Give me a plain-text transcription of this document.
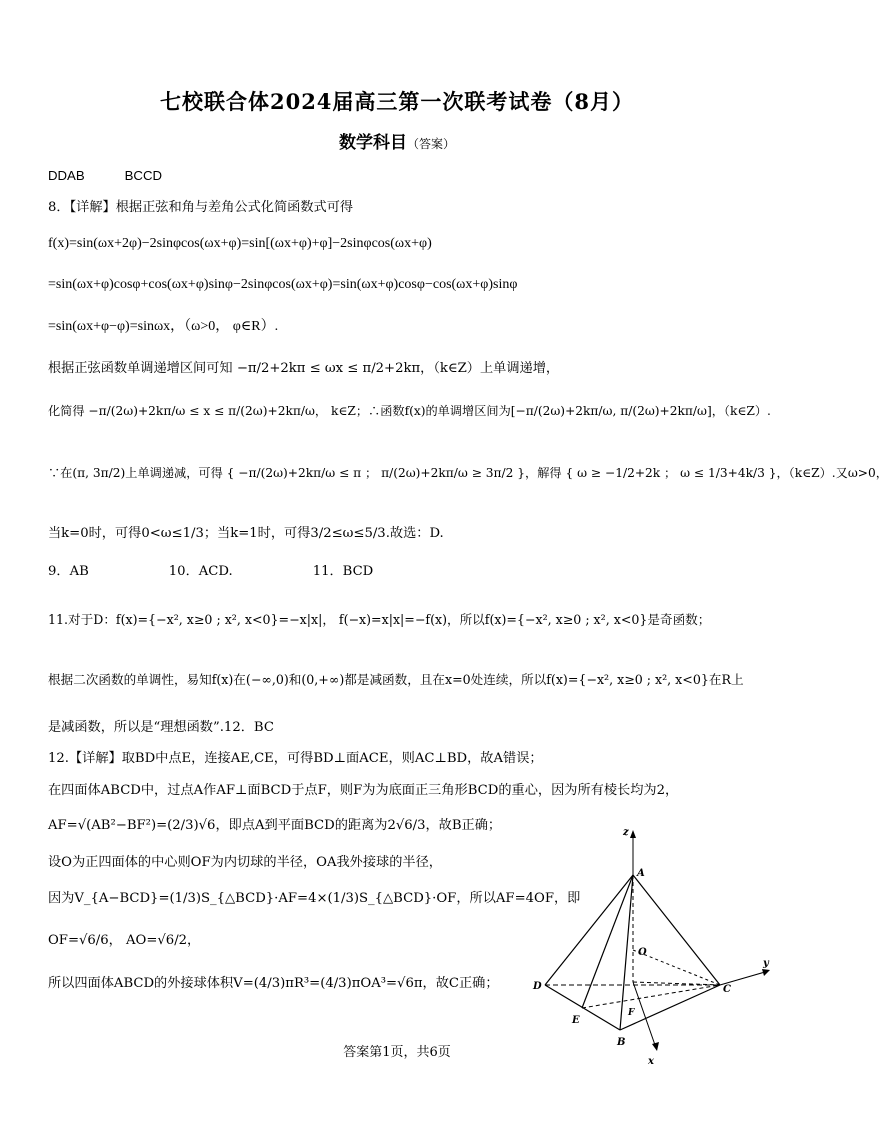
七校联合体2024届高三第一次联考试卷（8月）
数学科目（答案）
DDAB	BCCD
8．【详解】根据正弦和角与差角公式化简函数式可得
f(x)=sin(ωx+2φ)−2sinφcos(ωx+φ)=sin[(ωx+φ)+φ]−2sinφcos(ωx+φ)
=sin(ωx+φ)cosφ+cos(ωx+φ)sinφ−2sinφcos(ωx+φ)=sin(ωx+φ)cosφ−cos(ωx+φ)sinφ
=sin(ωx+φ−φ)=sinωx，（ω>0， φ∈R）.
根据正弦函数单调递增区间可知 −π/2+2kπ ≤ ωx ≤ π/2+2kπ，（k∈Z）上单调递增，
化简得 −π/(2ω)+2kπ/ω ≤ x ≤ π/(2ω)+2kπ/ω， k∈Z；∴函数f(x)的单调增区间为[−π/(2ω)+2kπ/ω, π/(2ω)+2kπ/ω]，（k∈Z）.
∵在(π, 3π/2)上单调递减，可得 { −π/(2ω)+2kπ/ω ≤ π ； π/(2ω)+2kπ/ω ≥ 3π/2 }，解得 { ω ≥ −1/2+2k ； ω ≤ 1/3+4k/3 }，（k∈Z）.又ω>0，
当k=0时，可得0<ω≤1/3；当k=1时，可得3/2≤ω≤5/3.故选：D.
9．AB	10．ACD.	11．BCD
11.对于D：f(x)={−x², x≥0 ; x², x<0}=−x|x|， f(−x)=x|x|=−f(x)，所以f(x)={−x², x≥0 ; x², x<0}是奇函数；
根据二次函数的单调性，易知f(x)在(−∞,0)和(0,+∞)都是减函数，且在x=0处连续，所以f(x)={−x², x≥0 ; x², x<0}在R上
是减函数，所以是“理想函数”.12．BC
12.【详解】取BD中点E，连接AE,CE，可得BD⊥面ACE，则AC⊥BD，故A错误；
在四面体ABCD中，过点A作AF⊥面BCD于点F，则F为为底面正三角形BCD的重心，因为所有棱长均为2，
AF=√(AB²−BF²)=(2/3)√6，即点A到平面BCD的距离为2√6/3，故B正确；
设O为正四面体的中心则OF为内切球的半径，OA我外接球的半径，
因为V_{A−BCD}=(1/3)S_{△BCD}·AF=4×(1/3)S_{△BCD}·OF，所以AF=4OF，即
OF=√6/6， AO=√6/2，
所以四面体ABCD的外接球体积V=(4/3)πR³=(4/3)πOA³=√6π，故C正确；
z
A
O
D	C
y
E
F
B
x
答案第1页，共6页
